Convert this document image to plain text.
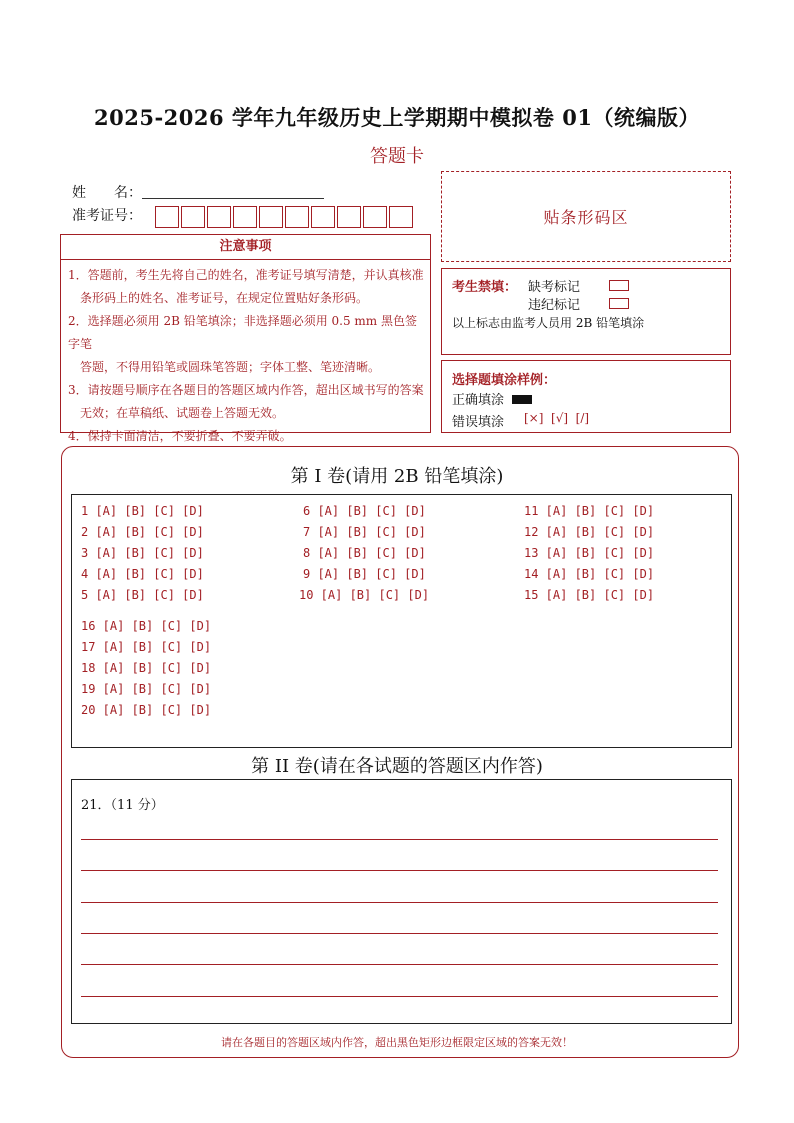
2025-2026 学年九年级历史上学期期中模拟卷 01（统编版）
答题卡
姓　　名：
准考证号：	贴条形码区
注意事项
1．答题前，考生先将自己的姓名，准考证号填写清楚，并认真核准
条形码上的姓名、准考证号，在规定位置贴好条形码。
2．选择题必须用 2B 铅笔填涂；非选择题必须用 0.5 mm 黑色签字笔
答题，不得用铅笔或圆珠笔答题；字体工整、笔迹清晰。
3．请按题号顺序在各题目的答题区域内作答，超出区域书写的答案
无效；在草稿纸、试题卷上答题无效。
4．保持卡面清洁，不要折叠、不要弄破。
考生禁填： 缺考标记
违纪标记
以上标志由监考人员用 2B 铅笔填涂
选择题填涂样例：
正确填涂
错误填涂 [×]  [√]  [/]
第 I 卷(请用 2B 铅笔填涂)
1 [A] [B] [C] [D]
2 [A] [B] [C] [D]
3 [A] [B] [C] [D]
4 [A] [B] [C] [D]
5 [A] [B] [C] [D]
6 [A] [B] [C] [D]
7 [A] [B] [C] [D]
8 [A] [B] [C] [D]
9 [A] [B] [C] [D]
10 [A] [B] [C] [D]
11 [A] [B] [C] [D]
12 [A] [B] [C] [D]
13 [A] [B] [C] [D]
14 [A] [B] [C] [D]
15 [A] [B] [C] [D]
16 [A] [B] [C] [D]
17 [A] [B] [C] [D]
18 [A] [B] [C] [D]
19 [A] [B] [C] [D]
20 [A] [B] [C] [D]
第 II 卷(请在各试题的答题区内作答)
21．（11 分）
请在各题目的答题区域内作答，超出黑色矩形边框限定区域的答案无效！
